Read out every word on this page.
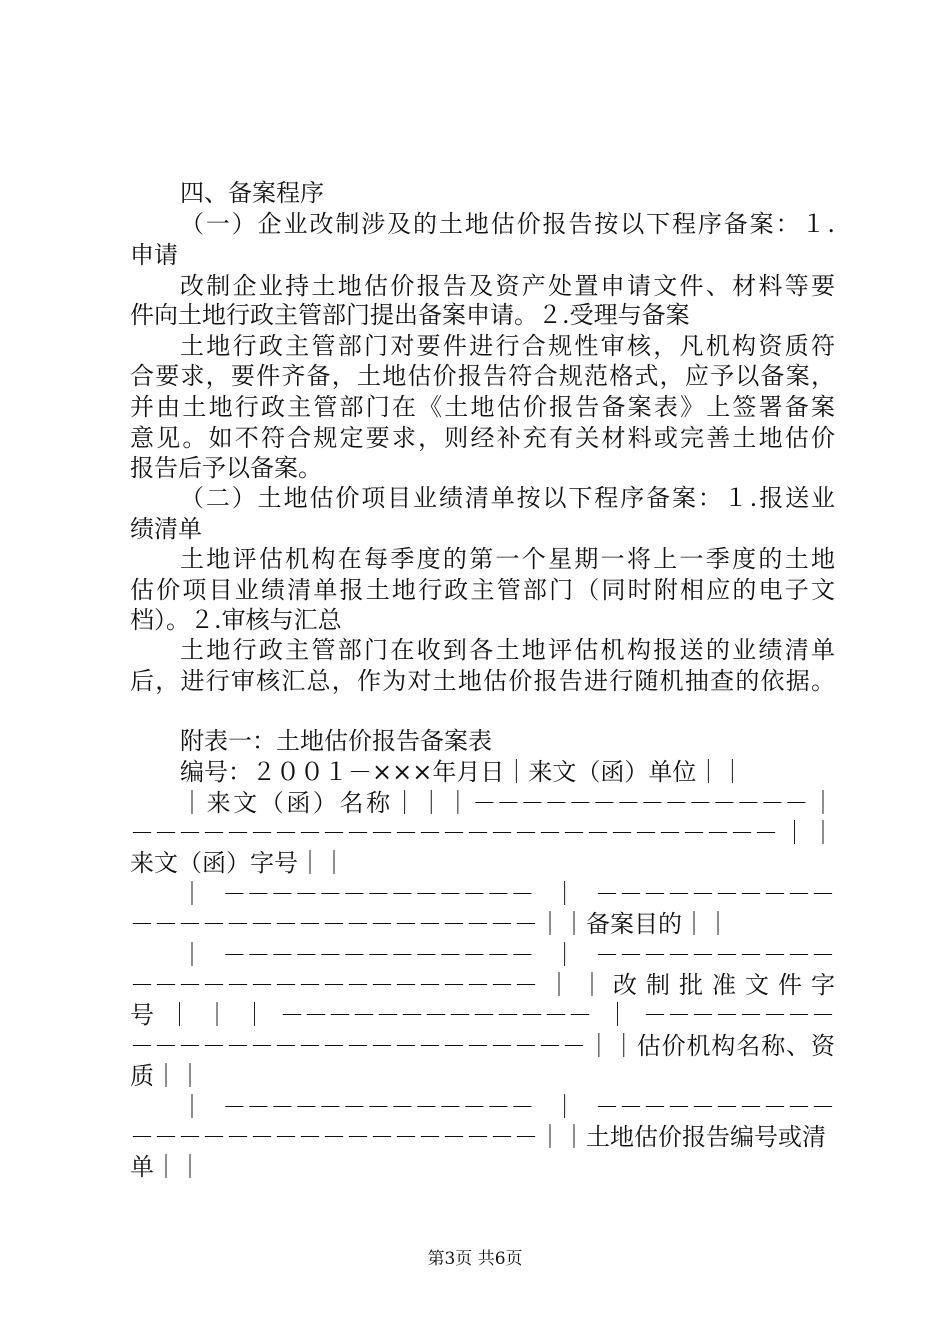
四、备案程序
（一）企业改制涉及的土地估价报告按以下程序备案：１.
申请
改制企业持土地估价报告及资产处置申请文件、材料等要
件向土地行政主管部门提出备案申请。２.受理与备案
土地行政主管部门对要件进行合规性审核，凡机构资质符
合要求，要件齐备，土地估价报告符合规范格式，应予以备案，
并由土地行政主管部门在《土地估价报告备案表》上签署备案
意见。如不符合规定要求，则经补充有关材料或完善土地估价
报告后予以备案。
（二）土地估价项目业绩清单按以下程序备案：１.报送业
绩清单
土地评估机构在每季度的第一个星期一将上一季度的土地
估价项目业绩清单报土地行政主管部门（同时附相应的电子文
档）。２.审核与汇总
土地行政主管部门在收到各土地评估机构报送的业绩清单
后，进行审核汇总，作为对土地估价报告进行随机抽查的依据。
附表一：土地估价报告备案表
编号：２００１－×××年月日｜来文（函）单位｜｜
｜来文（函）名称｜｜｜－－－－－－－－－－－－－－｜
－－－－－－－－－－－－－－－－－－－－－－－－－－－｜｜
来文（函）字号｜｜
｜－－－－－－－－－－－－－｜－－－－－－－－－－
－－－－－－－－－－－－－－－－－｜｜备案目的｜｜
｜－－－－－－－－－－－－－｜－－－－－－－－－－
－－－－－－－－－－－－－－－－－｜｜改制批准文件字
号｜｜｜－－－－－－－－－－－－－｜－－－－－－－－
－－－－－－－－－－－－－－－－－－－｜｜估价机构名称、资
质｜｜
｜－－－－－－－－－－－－－｜－－－－－－－－－－
－－－－－－－－－－－－－－－－－｜｜土地估价报告编号或清
单｜｜
第3页 共6页
